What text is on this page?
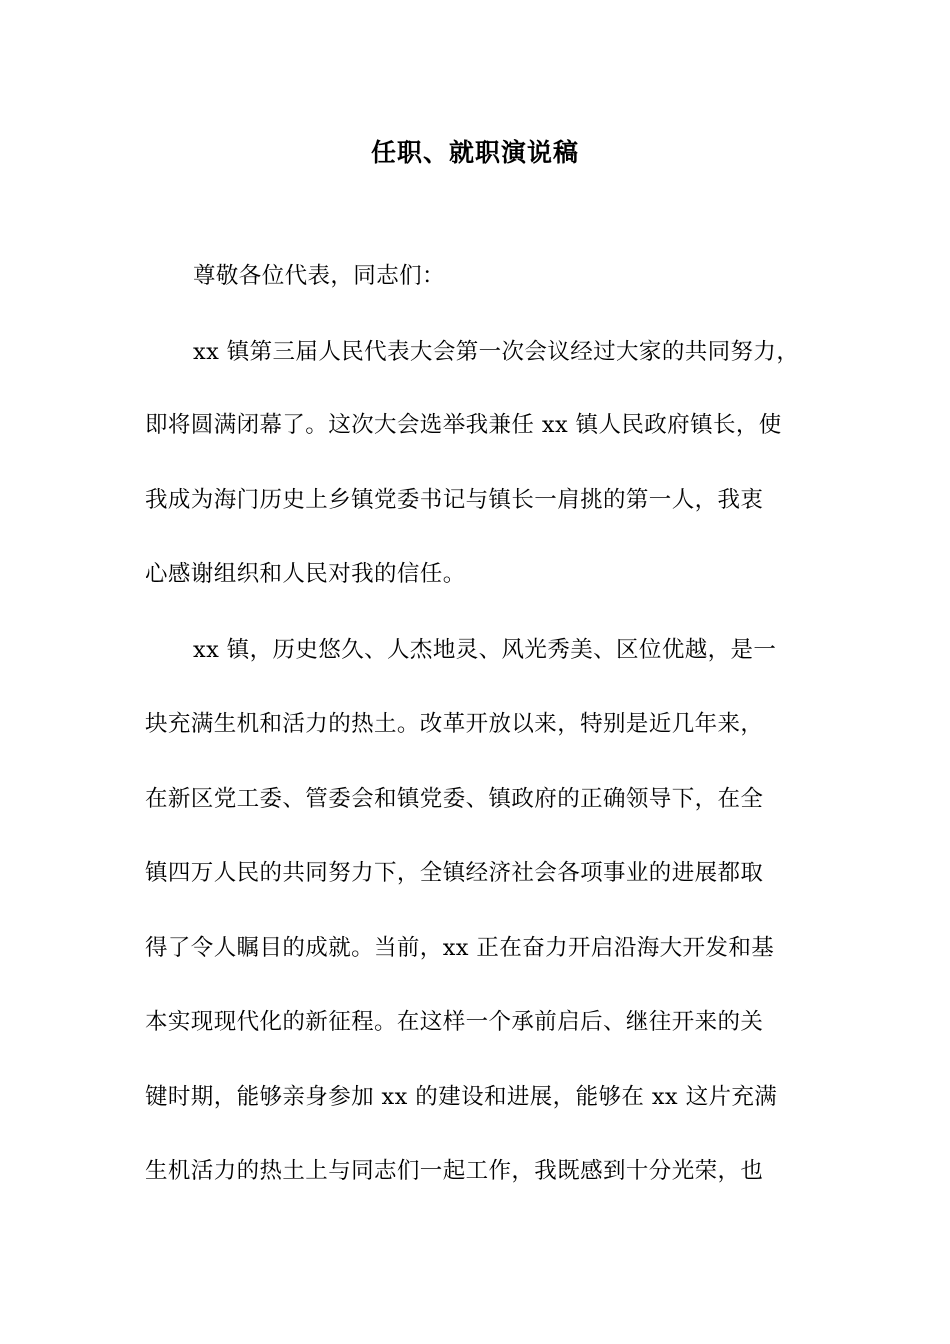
任职、就职演说稿
尊敬各位代表，同志们：
xx 镇第三届人民代表大会第一次会议经过大家的共同努力，
即将圆满闭幕了。这次大会选举我兼任 xx 镇人民政府镇长，使
我成为海门历史上乡镇党委书记与镇长一肩挑的第一人，我衷
心感谢组织和人民对我的信任。
xx 镇，历史悠久、人杰地灵、风光秀美、区位优越，是一
块充满生机和活力的热土。改革开放以来，特别是近几年来，
在新区党工委、管委会和镇党委、镇政府的正确领导下，在全
镇四万人民的共同努力下，全镇经济社会各项事业的进展都取
得了令人瞩目的成就。当前，xx 正在奋力开启沿海大开发和基
本实现现代化的新征程。在这样一个承前启后、继往开来的关
键时期，能够亲身参加 xx 的建设和进展，能够在 xx 这片充满
生机活力的热土上与同志们一起工作，我既感到十分光荣，也
